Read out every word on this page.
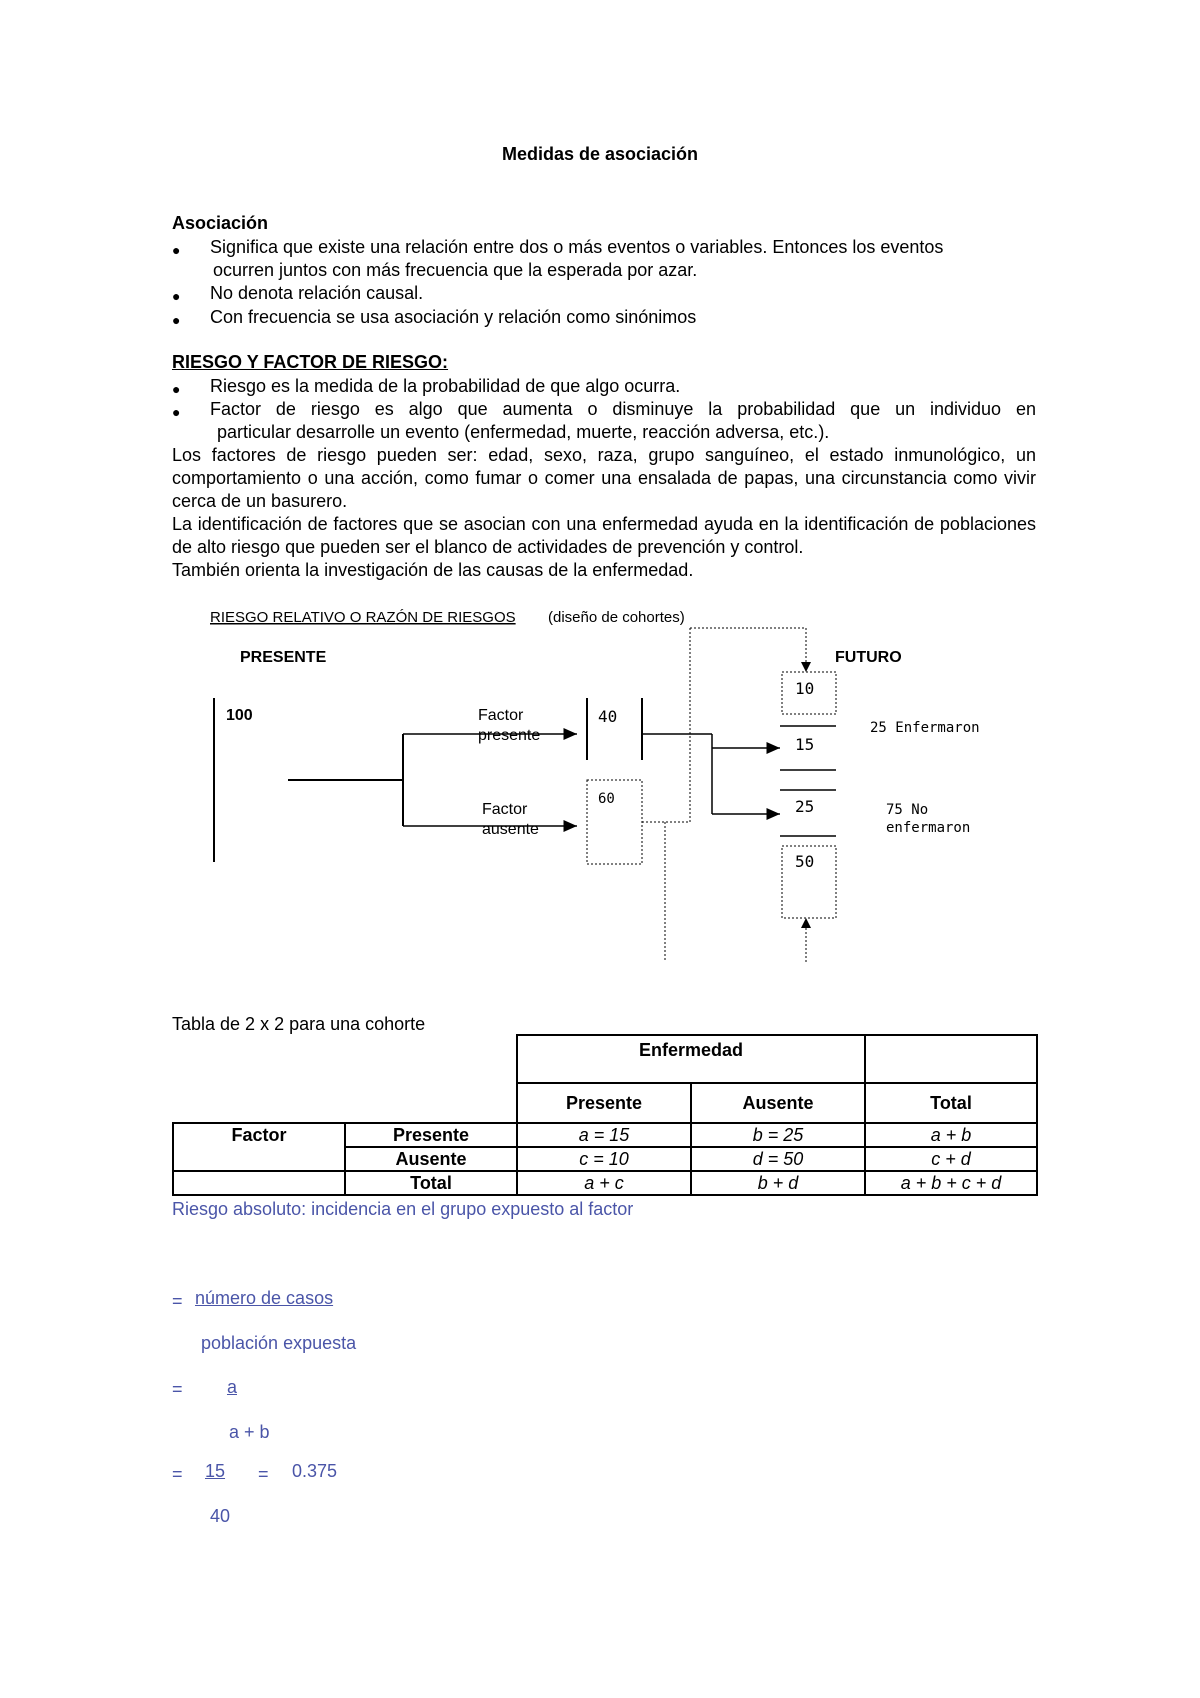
Medidas de asociación
Asociación
● Significa que existe una relación entre dos o más eventos o variables. Entonces los eventos
ocurren juntos con más frecuencia que la esperada por azar.
● No denota relación causal.
● Con frecuencia se usa asociación y relación como sinónimos
RIESGO Y FACTOR DE RIESGO:
● Riesgo es la medida de la probabilidad de que algo ocurra.
● Factor de riesgo es algo que aumenta o disminuye la probabilidad que un individuo en
particular desarrolle un evento (enfermedad, muerte, reacción adversa, etc.).
Los factores de riesgo pueden ser: edad, sexo, raza, grupo sanguíneo, el estado inmunológico, un comportamiento o una acción, como fumar o comer una ensalada de papas, una circunstancia como vivir cerca de un basurero.
La identificación de factores que se asocian con una enfermedad ayuda en la identificación de poblaciones de alto riesgo que pueden ser el blanco de actividades de prevención y control.
También orienta la investigación de las causas de la enfermedad.
RIESGO RELATIVO O RAZÓN DE RIESGOS (diseño de cohortes)
PRESENTE	FUTURO
100	Factor
presente
Factor
ausente
40
60
10
15
25
50
25 Enfermaron
75 No
enfermaron
Tabla de 2 x 2 para una cohorte
		Enfermedad		
		Presente	Ausente	Total
Factor	Presente	a = 15	b = 25	a + b
	Ausente	c = 10	d = 50	c + d
	Total	a + c	b + d	a + b + c + d
Riesgo absoluto: incidencia en el grupo expuesto al factor
= número de casos
población expuesta
=	a
a + b
= 15	= 0.375
40
